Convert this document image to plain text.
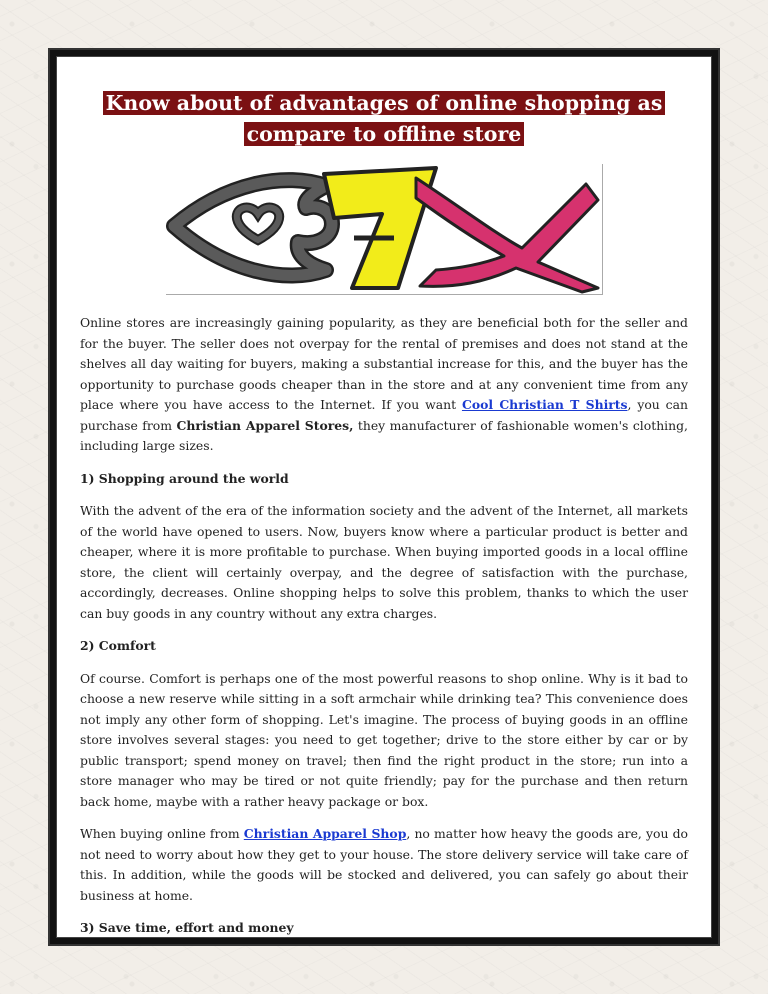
Know about of advantages of online shopping as
compare to offline store

Online stores are increasingly gaining popularity, as they are beneficial both for the seller and for the buyer. The seller does not overpay for the rental of premises and does not stand at the shelves all day waiting for buyers, making a substantial increase for this, and the buyer has the opportunity to purchase goods cheaper than in the store and at any convenient time from any place where you have access to the Internet. If you want Cool Christian T Shirts, you can purchase from Christian Apparel Stores, they manufacturer of fashionable women's clothing, including large sizes.

1) Shopping around the world

With the advent of the era of the information society and the advent of the Internet, all markets of the world have opened to users. Now, buyers know where a particular product is better and cheaper, where it is more profitable to purchase. When buying imported goods in a local offline store, the client will certainly overpay, and the degree of satisfaction with the purchase, accordingly, decreases. Online shopping helps to solve this problem, thanks to which the user can buy goods in any country without any extra charges.

2) Comfort

Of course. Comfort is perhaps one of the most powerful reasons to shop online. Why is it bad to choose a new reserve while sitting in a soft armchair while drinking tea? This convenience does not imply any other form of shopping. Let's imagine. The process of buying goods in an offline store involves several stages: you need to get together; drive to the store either by car or by public transport; spend money on travel; then find the right product in the store; run into a store manager who may be tired or not quite friendly; pay for the purchase and then return back home, maybe with a rather heavy package or box.

When buying online from Christian Apparel Shop, no matter how heavy the goods are, you do not need to worry about how they get to your house. The store delivery service will take care of this. In addition, while the goods will be stocked and delivered, you can safely go about their business at home.

3) Save time, effort and money
